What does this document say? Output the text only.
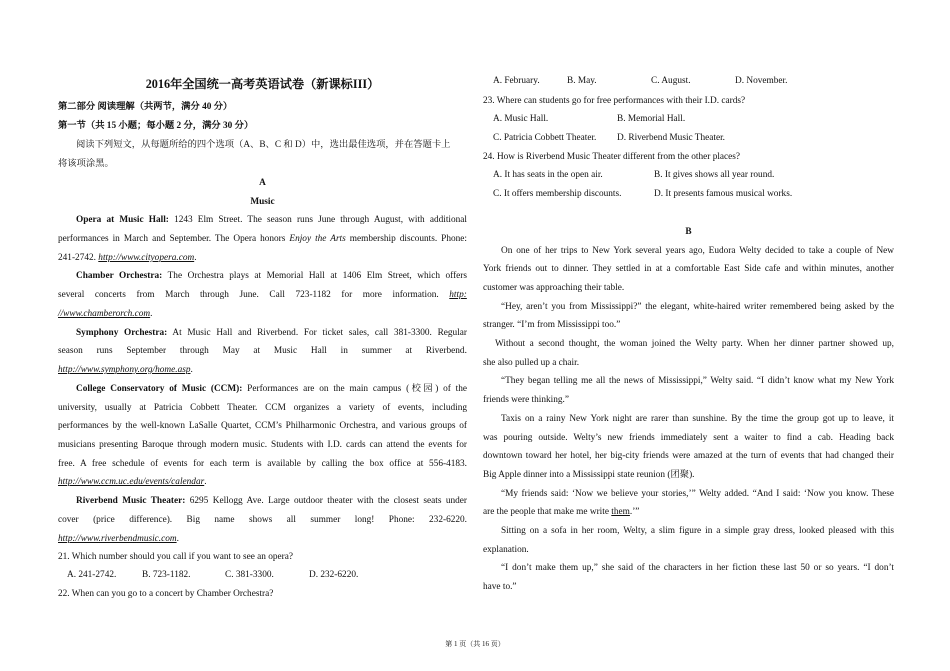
2016年全国统一高考英语试卷（新课标III）
第二部分 阅读理解（共两节，满分 40 分）
第一节（共 15 小题；每小题 2 分，满分 30 分）
阅读下列短文，从每题所给的四个选项（A、B、C 和 D）中，选出最佳选项，并在答题卡上
将该项涂黑。
A
Music
Opera at Music Hall: 1243 Elm Street. The season runs June through August, with additional
performances in March and September. The Opera honors Enjoy the Arts membership discounts. Phone:
241-2742. http://www.cityopera.com.
Chamber Orchestra: The Orchestra plays at Memorial Hall at 1406 Elm Street, which offers
several concerts from March through June. Call 723-1182 for more information. http:
//www.chamberorch.com.
Symphony Orchestra: At Music Hall and Riverbend. For ticket sales, call 381-3300. Regular
season runs September through May at Music Hall in summer at Riverbend.
http://www.symphony.org/home.asp.
College Conservatory of Music (CCM): Performances are on the main campus (校园) of the
university, usually at Patricia Cobbett Theater. CCM organizes a variety of events, including
performances by the well-known LaSalle Quartet, CCM’s Philharmonic Orchestra, and various groups of
musicians presenting Baroque through modern music. Students with I.D. cards can attend the events for
free. A free schedule of events for each term is available by calling the box office at 556-4183.
http://www.ccm.uc.edu/events/calendar.
Riverbend Music Theater: 6295 Kellogg Ave. Large outdoor theater with the closest seats under
cover (price difference). Big name shows all summer long! Phone: 232-6220.
http://www.riverbendmusic.com.
21. Which number should you call if you want to see an opera?
A. 241-2742.	B. 723-1182.	C. 381-3300.	D. 232-6220.
22. When can you go to a concert by Chamber Orchestra?
A. February.	B. May.	C. August.	D. November.
23. Where can students go for free performances with their I.D. cards?
A. Music Hall.	B. Memorial Hall.
C. Patricia Cobbett Theater. D. Riverbend Music Theater.
24. How is Riverbend Music Theater different from the other places?
A. It has seats in the open air.	B. It gives shows all year round.
C. It offers membership discounts.	D. It presents famous musical works.
B
On one of her trips to New York several years ago, Eudora Welty decided to take a couple of New
York friends out to dinner. They settled in at a comfortable East Side cafe and within minutes, another
customer was approaching their table.
“Hey, aren’t you from Mississippi?” the elegant, white-haired writer remembered being asked by the
stranger. “I’m from Mississippi too.”
Without a second thought, the woman joined the Welty party. When her dinner partner showed up,
she also pulled up a chair.
“They began telling me all the news of Mississippi,” Welty said. “I didn’t know what my New York
friends were thinking.”
Taxis on a rainy New York night are rarer than sunshine. By the time the group got up to leave, it
was pouring outside. Welty’s new friends immediately sent a waiter to find a cab. Heading back
downtown toward her hotel, her big-city friends were amazed at the turn of events that had changed their
Big Apple dinner into a Mississippi state reunion (团聚).
“My friends said: ‘Now we believe your stories,’” Welty added. “And I said: ‘Now you know. These
are the people that make me write them.’”
Sitting on a sofa in her room, Welty, a slim figure in a simple gray dress, looked pleased with this
explanation.
“I don’t make them up,” she said of the characters in her fiction these last 50 or so years. “I don’t
have to.”
第 1 页（共 16 页）
